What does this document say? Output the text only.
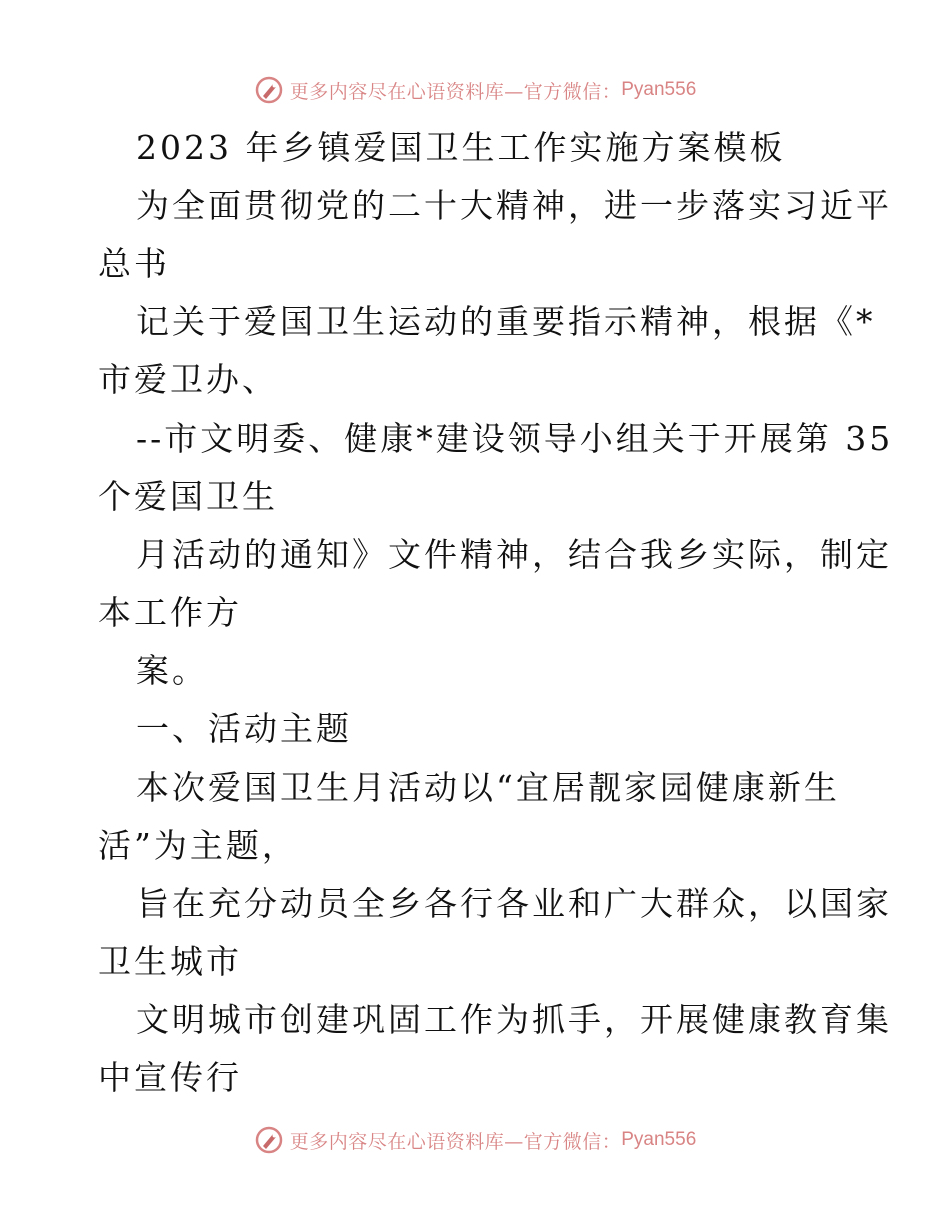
更多内容尽在心语资料库—官方微信： Pyan556
2023 年乡镇爱国卫生工作实施方案模板
为全面贯彻党的二十大精神，进一步落实习近平
总书
记关于爱国卫生运动的重要指示精神，根据《*
市爱卫办、
--市文明委、健康*建设领导小组关于开展第 35
个爱国卫生
月活动的通知》文件精神，结合我乡实际，制定
本工作方
案。
一、活动主题
本次爱国卫生月活动以“宜居靓家园健康新生
活”为主题，
旨在充分动员全乡各行各业和广大群众，以国家
卫生城市
文明城市创建巩固工作为抓手，开展健康教育集
中宣传行
更多内容尽在心语资料库—官方微信： Pyan556
